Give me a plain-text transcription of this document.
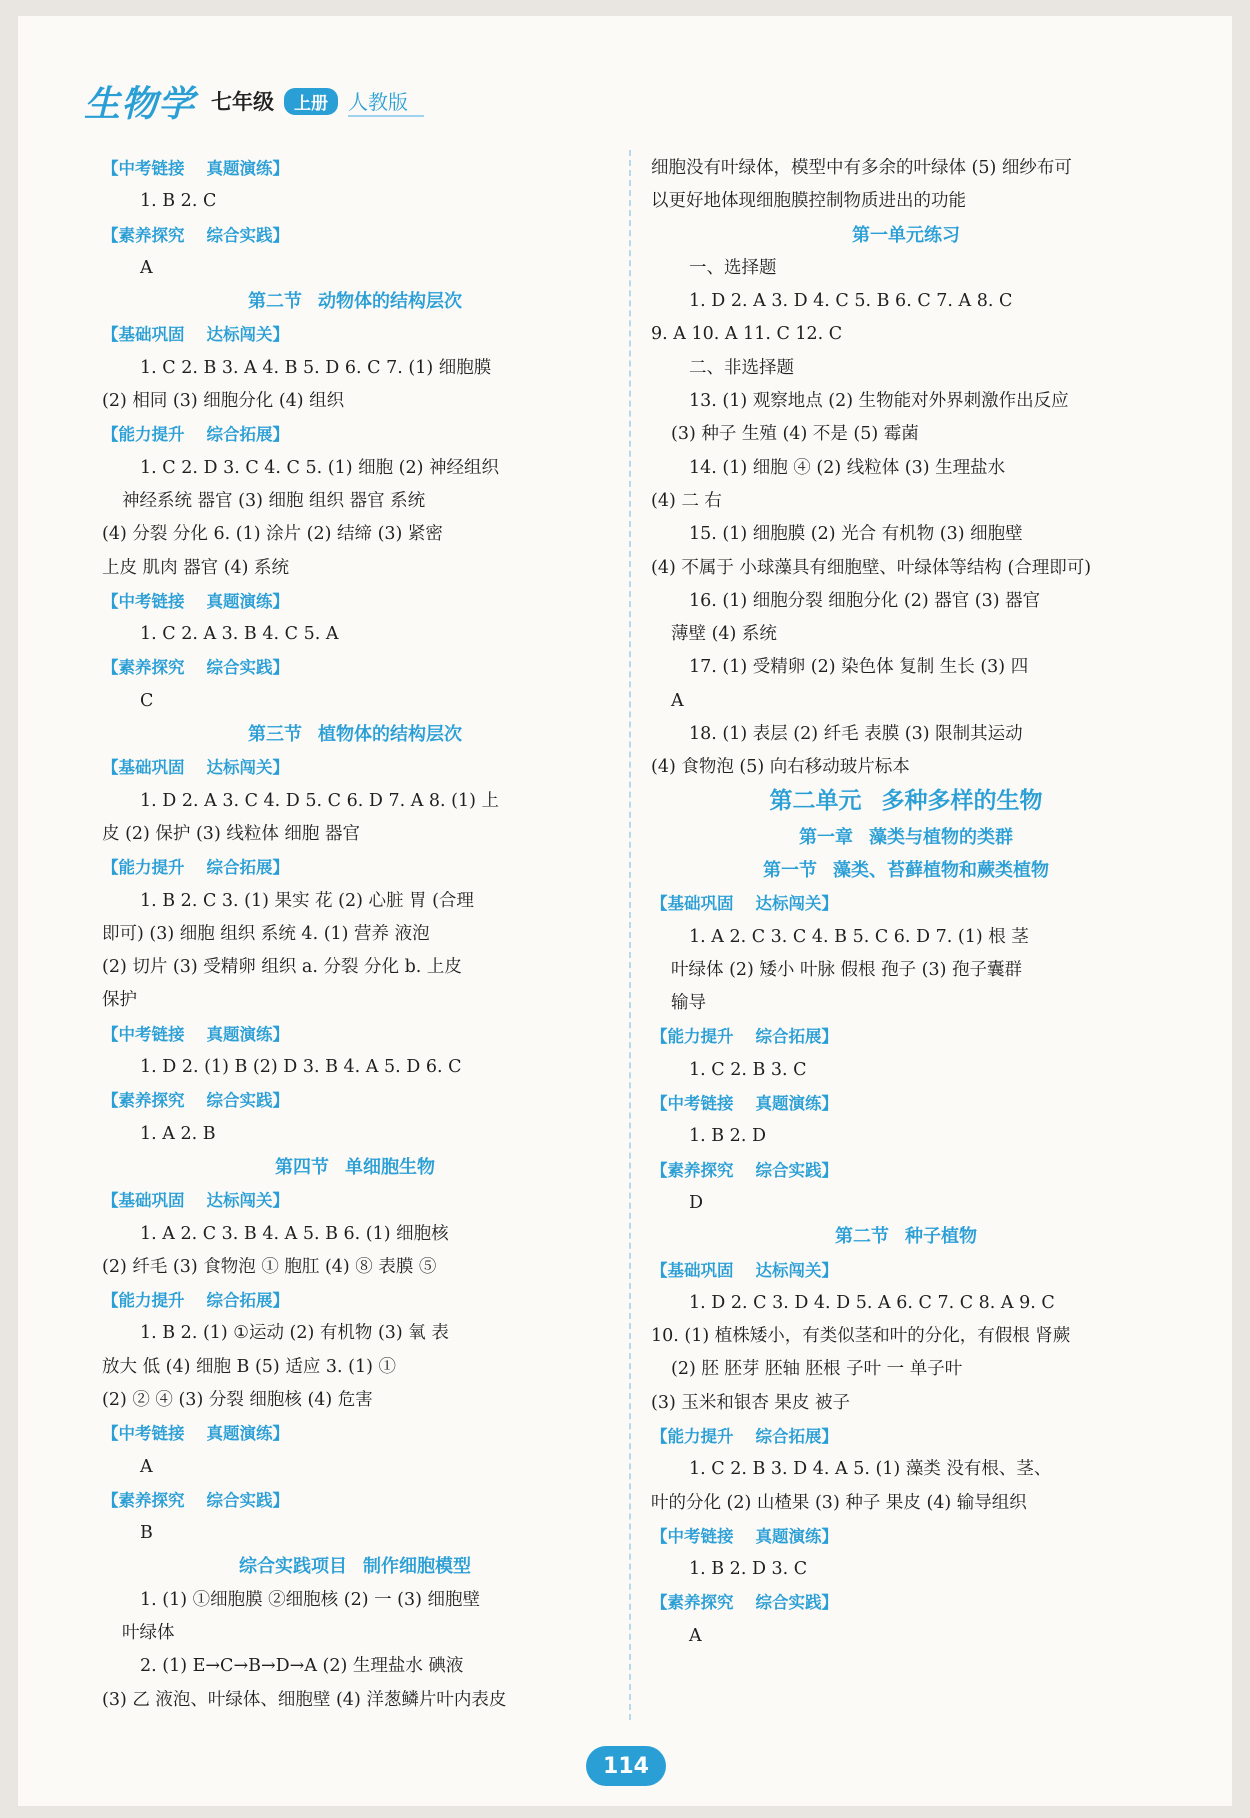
生物学 七年级	上册	人教版
【中考链接 真题演练】
1. B 2. C
【素养探究 综合实践】
A
第二节 动物体的结构层次
【基础巩固 达标闯关】
1. C 2. B 3. A 4. B 5. D 6. C 7. (1) 细胞膜
(2) 相同 (3) 细胞分化 (4) 组织
【能力提升 综合拓展】
1. C 2. D 3. C 4. C 5. (1) 细胞 (2) 神经组织
神经系统 器官 (3) 细胞 组织 器官 系统
(4) 分裂 分化 6. (1) 涂片 (2) 结缔 (3) 紧密
上皮 肌肉 器官 (4) 系统
【中考链接 真题演练】
1. C 2. A 3. B 4. C 5. A
【素养探究 综合实践】
C
第三节 植物体的结构层次
【基础巩固 达标闯关】
1. D 2. A 3. C 4. D 5. C 6. D 7. A 8. (1) 上
皮 (2) 保护 (3) 线粒体 细胞 器官
【能力提升 综合拓展】
1. B 2. C 3. (1) 果实 花 (2) 心脏 胃 (合理
即可) (3) 细胞 组织 系统 4. (1) 营养 液泡
(2) 切片 (3) 受精卵 组织 a. 分裂 分化 b. 上皮
保护
【中考链接 真题演练】
1. D 2. (1) B (2) D 3. B 4. A 5. D 6. C
【素养探究 综合实践】
1. A 2. B
第四节 单细胞生物
【基础巩固 达标闯关】
1. A 2. C 3. B 4. A 5. B 6. (1) 细胞核
(2) 纤毛 (3) 食物泡 ① 胞肛 (4) ⑧ 表膜 ⑤
【能力提升 综合拓展】
1. B 2. (1) ①运动 (2) 有机物 (3) 氧 表
放大 低 (4) 细胞 B (5) 适应 3. (1) ①
(2) ② ④ (3) 分裂 细胞核 (4) 危害
【中考链接 真题演练】
A
【素养探究 综合实践】
B
综合实践项目 制作细胞模型
1. (1) ①细胞膜 ②细胞核 (2) 一 (3) 细胞壁
叶绿体
2. (1) E→C→B→D→A (2) 生理盐水 碘液
(3) 乙 液泡、叶绿体、细胞壁 (4) 洋葱鳞片叶内表皮
细胞没有叶绿体，模型中有多余的叶绿体 (5) 细纱布可
以更好地体现细胞膜控制物质进出的功能
第一单元练习
一、选择题
1. D 2. A 3. D 4. C 5. B 6. C 7. A 8. C
9. A 10. A 11. C 12. C
二、非选择题
13. (1) 观察地点 (2) 生物能对外界刺激作出反应
(3) 种子 生殖 (4) 不是 (5) 霉菌
14. (1) 细胞 ④ (2) 线粒体 (3) 生理盐水
(4) 二 右
15. (1) 细胞膜 (2) 光合 有机物 (3) 细胞壁
(4) 不属于 小球藻具有细胞壁、叶绿体等结构 (合理即可)
16. (1) 细胞分裂 细胞分化 (2) 器官 (3) 器官
薄壁 (4) 系统
17. (1) 受精卵 (2) 染色体 复制 生长 (3) 四
A
18. (1) 表层 (2) 纤毛 表膜 (3) 限制其运动
(4) 食物泡 (5) 向右移动玻片标本
第二单元 多种多样的生物
第一章 藻类与植物的类群
第一节 藻类、苔藓植物和蕨类植物
【基础巩固 达标闯关】
1. A 2. C 3. C 4. B 5. C 6. D 7. (1) 根 茎
叶绿体 (2) 矮小 叶脉 假根 孢子 (3) 孢子囊群
输导
【能力提升 综合拓展】
1. C 2. B 3. C
【中考链接 真题演练】
1. B 2. D
【素养探究 综合实践】
D
第二节 种子植物
【基础巩固 达标闯关】
1. D 2. C 3. D 4. D 5. A 6. C 7. C 8. A 9. C
10. (1) 植株矮小，有类似茎和叶的分化，有假根 肾蕨
(2) 胚 胚芽 胚轴 胚根 子叶 一 单子叶
(3) 玉米和银杏 果皮 被子
【能力提升 综合拓展】
1. C 2. B 3. D 4. A 5. (1) 藻类 没有根、茎、
叶的分化 (2) 山楂果 (3) 种子 果皮 (4) 输导组织
【中考链接 真题演练】
1. B 2. D 3. C
【素养探究 综合实践】
A
114
